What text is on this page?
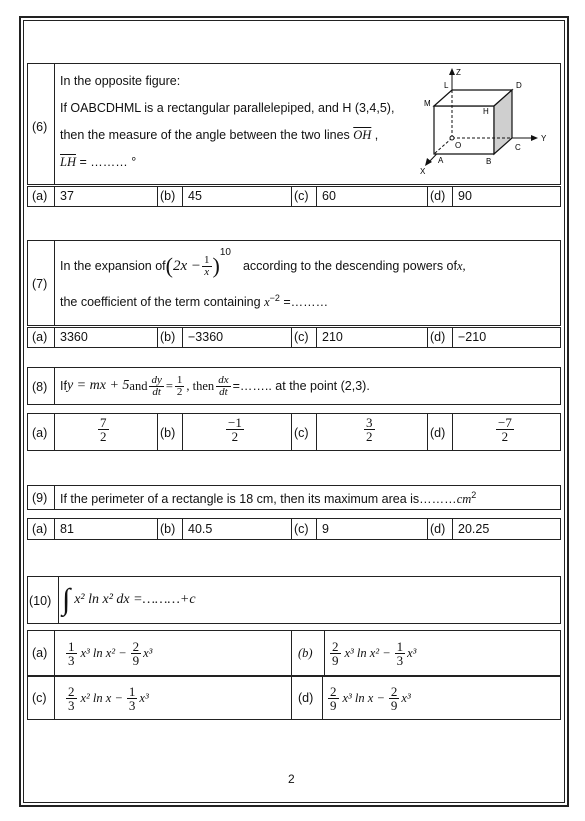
(6)
In the opposite figure:
If OABCDHML is a rectangular parallelepiped, and H (3,4,5),
then the measure of the angle between the two lines $\overline{OH}$ ,
$\overline{LH}$ = ……… °
Z
L	D
M
H
O
A	B
C
X
Y
(a) 37	(b) 45	(c) 60	(d) 90
(7)
In the expansion of ( $2x - \frac{1}{x}$ )
10
according to the descending powers of x,
the coefficient of the term containing $x^{-2}$ =………
(a) 3360	(b) −3360	(c) 210	(d) −210
(8) If y = mx + 5 and $\frac{dy}{dt} = \frac{1}{2}$ , then $\frac{dx}{dt}$ =…….. at the point (2,3).
(a)	$\frac{7}{2}$	(b)	$\frac{-1}{2}$	(c)	$\frac{3}{2}$	(d)	$\frac{-7}{2}$
(9) If the perimeter of a rectangle is 18 cm, then its maximum area $is\dots\dots\dots cm^2$
(a) 81	(b) 40.5	(c) 9	(d) 20.25
(10) ∫ x² ln x² dx =………+c
$(a) \frac{1}{3} x^3$ $\ln x^2 - \frac{2}{9} x^3$	$(b) \frac{2}{9} x^3$ $\ln x^2 - \frac{1}{3} x^3$
$(c) \frac{2}{3} x^2$ $\ln x - \frac{1}{3} x^3$	$(d) \frac{2}{9} x^3$ $\ln x - \frac{2}{9} x^3$
2
